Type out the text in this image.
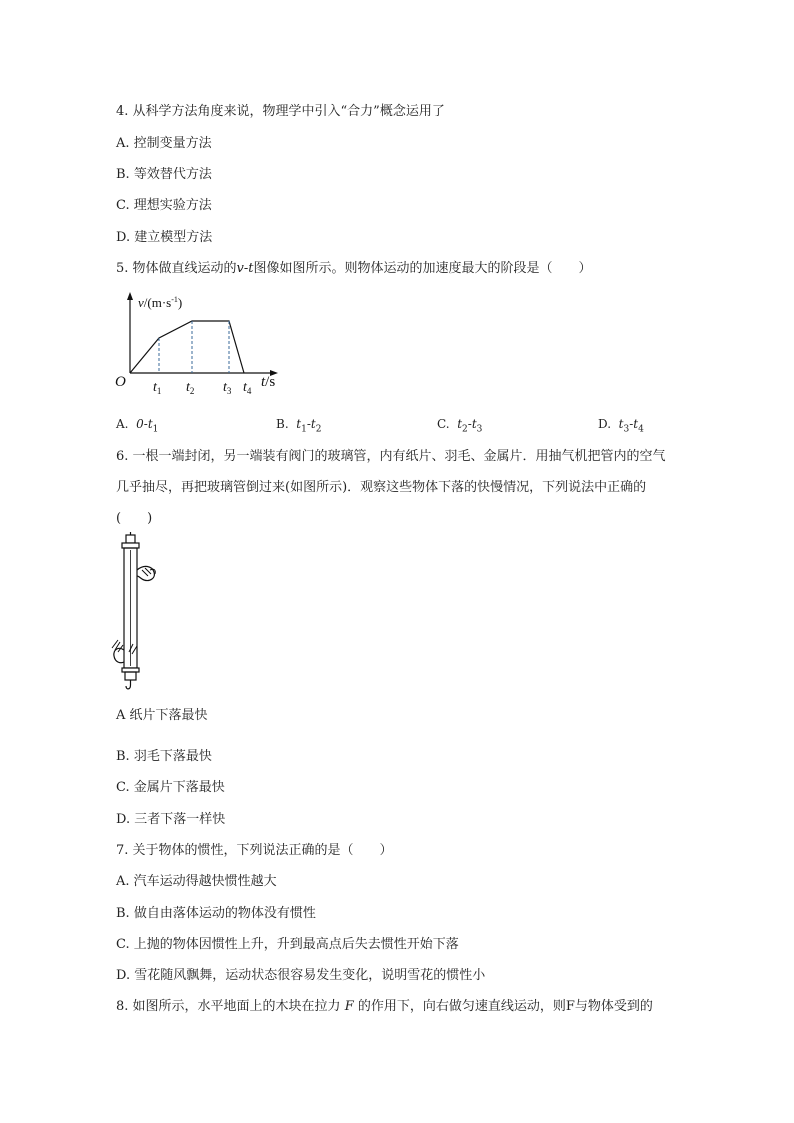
4. 从科学方法角度来说，物理学中引入“合力”概念运用了
A. 控制变量方法
B. 等效替代方法
C. 理想实验方法
D. 建立模型方法
5. 物体做直线运动的v-t图像如图所示。则物体运动的加速度最大的阶段是（　　）
$v/(m\cdot s^{-1})$
O $t_1$ $t_2$ $t_3$ $t_4$
t/s
A. $0-t_1$	B. $t_1-t_2$	C. $t_2-t_3$	D. $t_3-t_4$
6. 一根一端封闭，另一端装有阀门的玻璃管，内有纸片、羽毛、金属片．用抽气机把管内的空气
几乎抽尽，再把玻璃管倒过来(如图所示)．观察这些物体下落的快慢情况，下列说法中正确的
(　　)
A 纸片下落最快
B. 羽毛下落最快
C. 金属片下落最快
D. 三者下落一样快
7. 关于物体的惯性，下列说法正确的是（　　）
A. 汽车运动得越快惯性越大
B. 做自由落体运动的物体没有惯性
C. 上抛的物体因惯性上升，升到最高点后失去惯性开始下落
D. 雪花随风飘舞，运动状态很容易发生变化，说明雪花的惯性小
8. 如图所示，水平地面上的木块在拉力 F 的作用下，向右做匀速直线运动，则F与物体受到的
